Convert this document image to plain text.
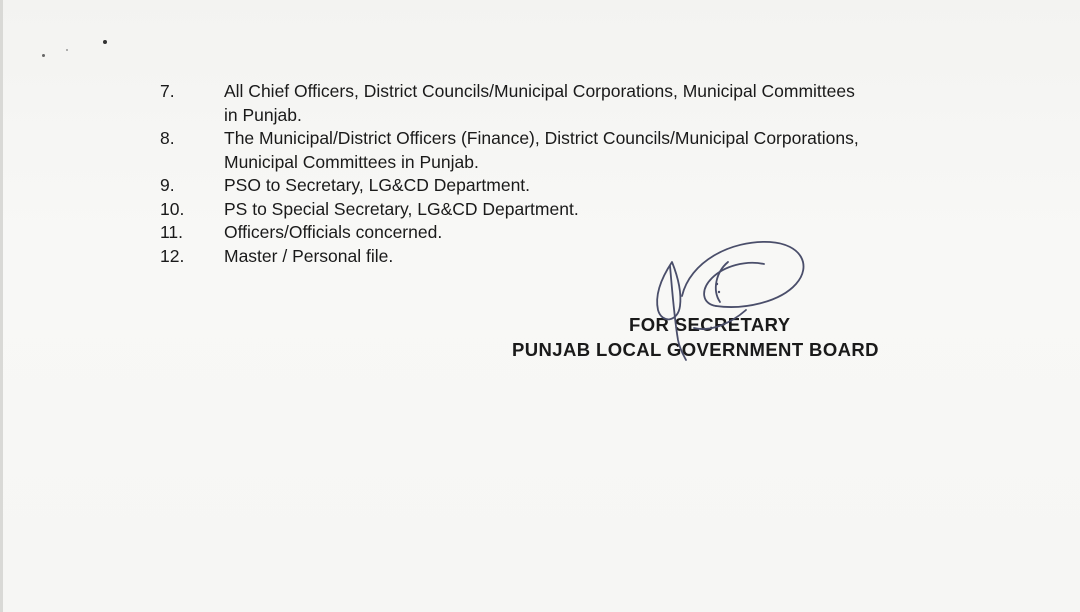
7.	All Chief Officers, District Councils/Municipal Corporations, Municipal Committees
in Punjab.
8.	The Municipal/District Officers (Finance), District Councils/Municipal Corporations,
Municipal Committees in Punjab.
9.	PSO to Secretary, LG&CD Department.
10.	PS to Special Secretary, LG&CD Department.
11.	Officers/Officials concerned.
12.	Master / Personal file.
FOR SECRETARY
PUNJAB LOCAL GOVERNMENT BOARD
